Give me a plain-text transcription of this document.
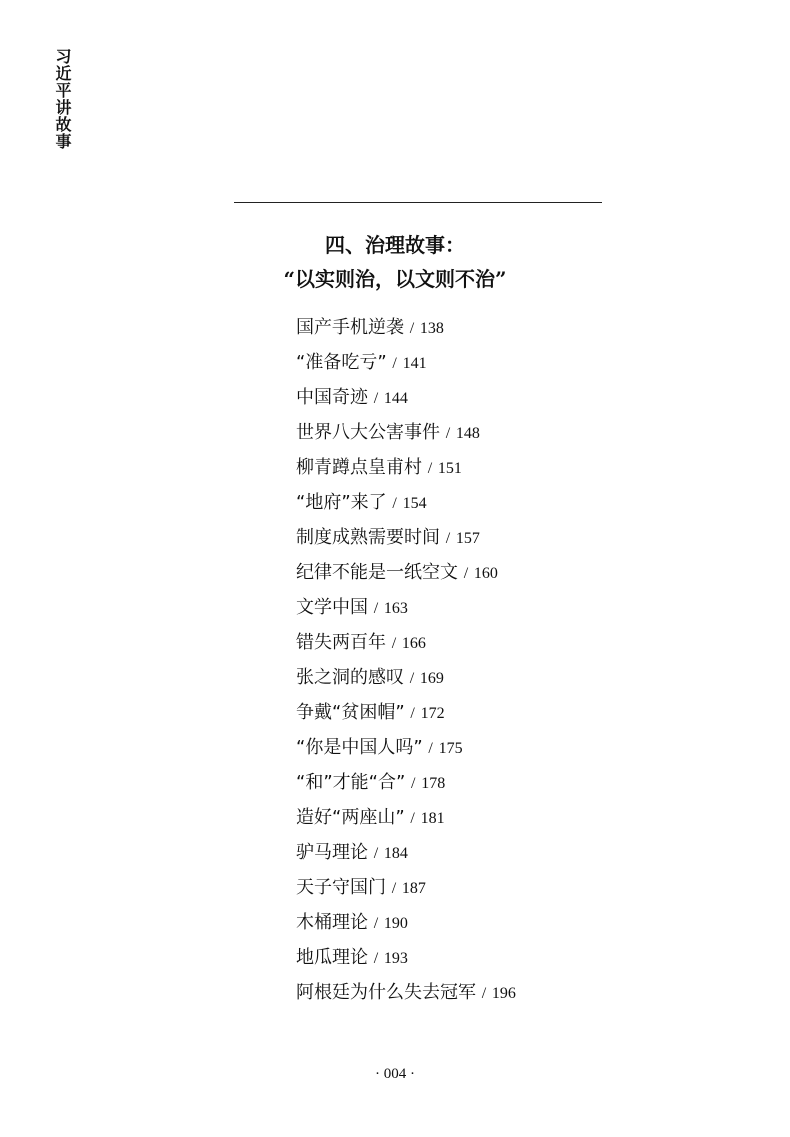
习近平讲故事
四、治理故事：
“以实则治，以文则不治”
国产手机逆袭 / 138
“准备吃亏” / 141
中国奇迹 / 144
世界八大公害事件 / 148
柳青蹲点皇甫村 / 151
“地府”来了 / 154
制度成熟需要时间 / 157
纪律不能是一纸空文 / 160
文学中国 / 163
错失两百年 / 166
张之洞的感叹 / 169
争戴“贫困帽” / 172
“你是中国人吗” / 175
“和”才能“合” / 178
造好“两座山” / 181
驴马理论 / 184
天子守国门 / 187
木桶理论 / 190
地瓜理论 / 193
阿根廷为什么失去冠军 / 196
· 004 ·
